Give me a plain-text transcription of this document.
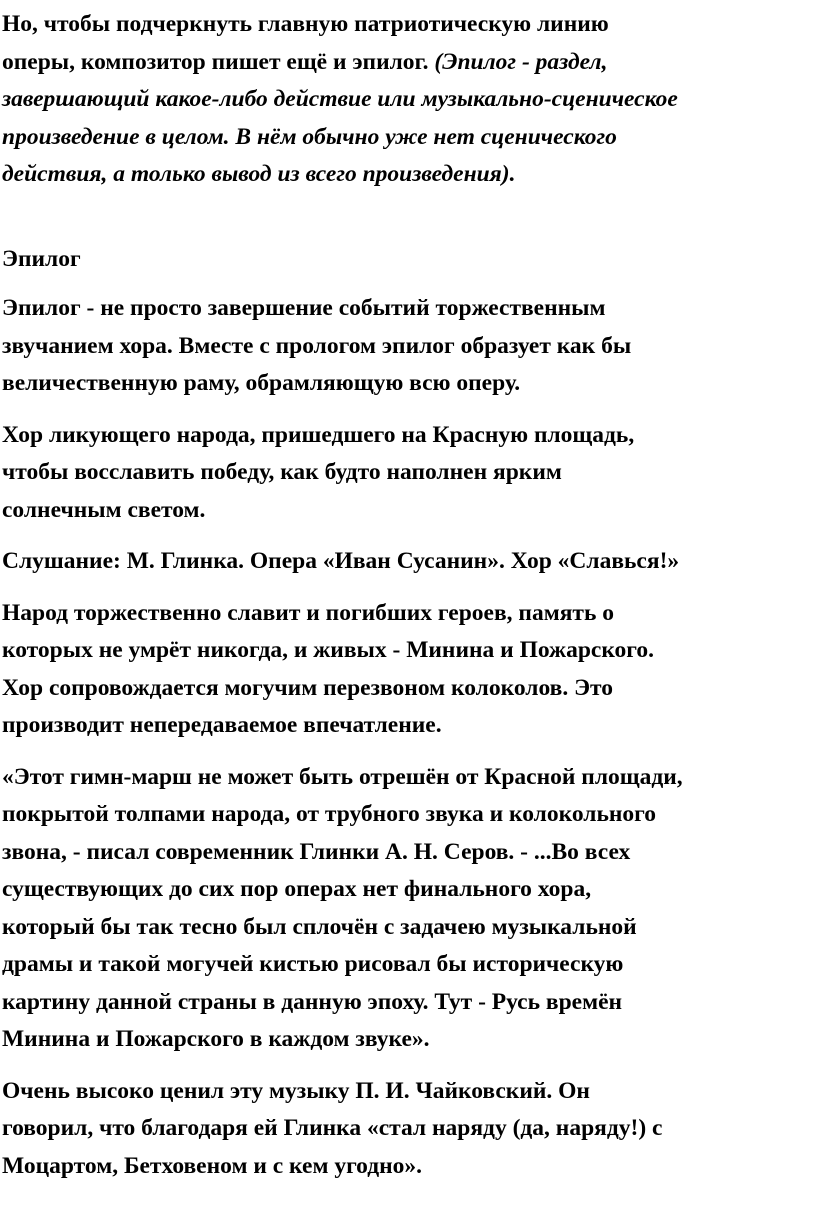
Но, чтобы подчеркнуть главную патриотическую линию
оперы, композитор пишет ещё и эпилог. (Эпилог - раздел,
завершающий какое-либо действие или музыкально-сценическое
произведение в целом. В нём обычно уже нет сценического
действия, а только вывод из всего произведения).

Эпилог

Эпилог - не просто завершение событий торжественным
звучанием хора. Вместе с прологом эпилог образует как бы
величественную раму, обрамляющую всю оперу.

Хор ликующего народа, пришедшего на Красную площадь,
чтобы восславить победу, как будто наполнен ярким
солнечным светом.

Слушание: М. Глинка. Опера «Иван Сусанин». Хор «Славься!»

Народ торжественно славит и погибших героев, память о
которых не умрёт никогда, и живых - Минина и Пожарского.
Хор сопровождается могучим перезвоном колоколов. Это
производит непередаваемое впечатление.

«Этот гимн-марш не может быть отрешён от Красной площади,
покрытой толпами народа, от трубного звука и колокольного
звона, - писал современник Глинки А. Н. Серов. - ...Во всех
существующих до сих пор операх нет финального хора,
который бы так тесно был сплочён с задачею музыкальной
драмы и такой могучей кистью рисовал бы историческую
картину данной страны в данную эпоху. Тут - Русь времён
Минина и Пожарского в каждом звуке».

Очень высоко ценил эту музыку П. И. Чайковский. Он
говорил, что благодаря ей Глинка «стал наряду (да, наряду!) с
Моцартом, Бетховеном и с кем угодно».
